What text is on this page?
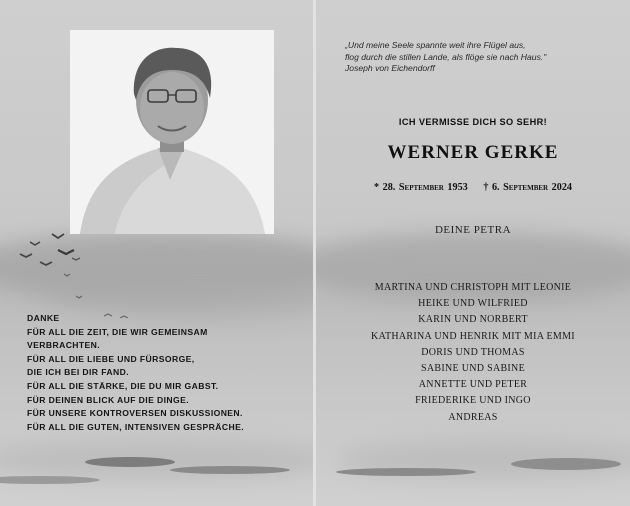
DANKE
FÜR ALL DIE ZEIT, DIE WIR GEMEINSAM
VERBRACHTEN.
FÜR ALL DIE LIEBE UND FÜRSORGE,
DIE ICH BEI DIR FAND.
FÜR ALL DIE STÄRKE, DIE DU MIR GABST.
FÜR DEINEN BLICK AUF DIE DINGE.
FÜR UNSERE KONTROVERSEN DISKUSSIONEN.
FÜR ALL DIE GUTEN, INTENSIVEN GESPRÄCHE.
„Und meine Seele spannte weit ihre Flügel aus,
flog durch die stillen Lande, als flöge sie nach Haus."
Joseph von Eichendorff
ICH VERMISSE DICH SO SEHR!
WERNER GERKE
* 28. September 1953 † 6. September 2024
DEINE PETRA
MARTINA UND CHRISTOPH MIT LEONIE
HEIKE UND WILFRIED
KARIN UND NORBERT
KATHARINA UND HENRIK MIT MIA EMMI
DORIS UND THOMAS
SABINE UND SABINE
ANNETTE UND PETER
FRIEDERIKE UND INGO
ANDREAS
